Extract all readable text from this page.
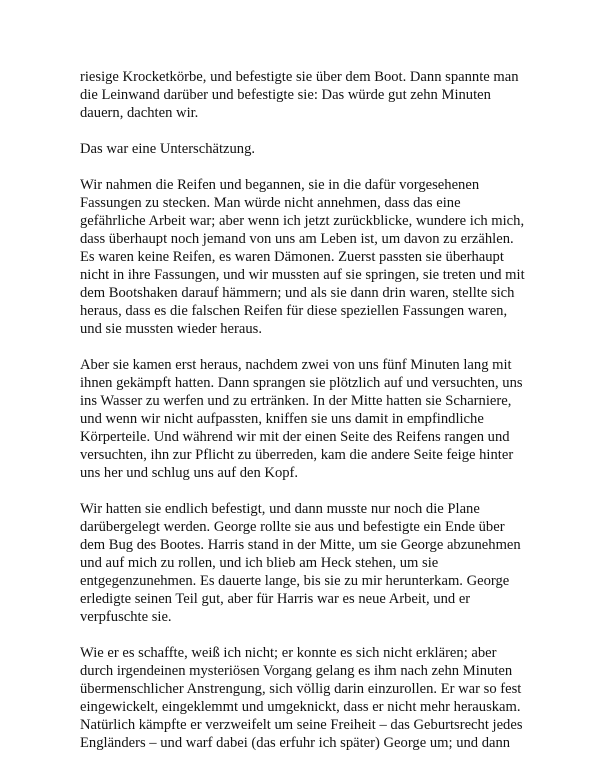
riesige Krocketkörbe, und befestigte sie über dem Boot. Dann spannte man
die Leinwand darüber und befestigte sie: Das würde gut zehn Minuten
dauern, dachten wir.

Das war eine Unterschätzung.

Wir nahmen die Reifen und begannen, sie in die dafür vorgesehenen
Fassungen zu stecken. Man würde nicht annehmen, dass das eine
gefährliche Arbeit war; aber wenn ich jetzt zurückblicke, wundere ich mich,
dass überhaupt noch jemand von uns am Leben ist, um davon zu erzählen.
Es waren keine Reifen, es waren Dämonen. Zuerst passten sie überhaupt
nicht in ihre Fassungen, und wir mussten auf sie springen, sie treten und mit
dem Bootshaken darauf hämmern; und als sie dann drin waren, stellte sich
heraus, dass es die falschen Reifen für diese speziellen Fassungen waren,
und sie mussten wieder heraus.

Aber sie kamen erst heraus, nachdem zwei von uns fünf Minuten lang mit
ihnen gekämpft hatten. Dann sprangen sie plötzlich auf und versuchten, uns
ins Wasser zu werfen und zu ertränken. In der Mitte hatten sie Scharniere,
und wenn wir nicht aufpassten, kniffen sie uns damit in empfindliche
Körperteile. Und während wir mit der einen Seite des Reifens rangen und
versuchten, ihn zur Pflicht zu überreden, kam die andere Seite feige hinter
uns her und schlug uns auf den Kopf.

Wir hatten sie endlich befestigt, und dann musste nur noch die Plane
darübergelegt werden. George rollte sie aus und befestigte ein Ende über
dem Bug des Bootes. Harris stand in der Mitte, um sie George abzunehmen
und auf mich zu rollen, und ich blieb am Heck stehen, um sie
entgegenzunehmen. Es dauerte lange, bis sie zu mir herunterkam. George
erledigte seinen Teil gut, aber für Harris war es neue Arbeit, und er
verpfuschte sie.

Wie er es schaffte, weiß ich nicht; er konnte es sich nicht erklären; aber
durch irgendeinen mysteriösen Vorgang gelang es ihm nach zehn Minuten
übermenschlicher Anstrengung, sich völlig darin einzurollen. Er war so fest
eingewickelt, eingeklemmt und umgeknickt, dass er nicht mehr herauskam.
Natürlich kämpfte er verzweifelt um seine Freiheit – das Geburtsrecht jedes
Engländers – und warf dabei (das erfuhr ich später) George um; und dann
